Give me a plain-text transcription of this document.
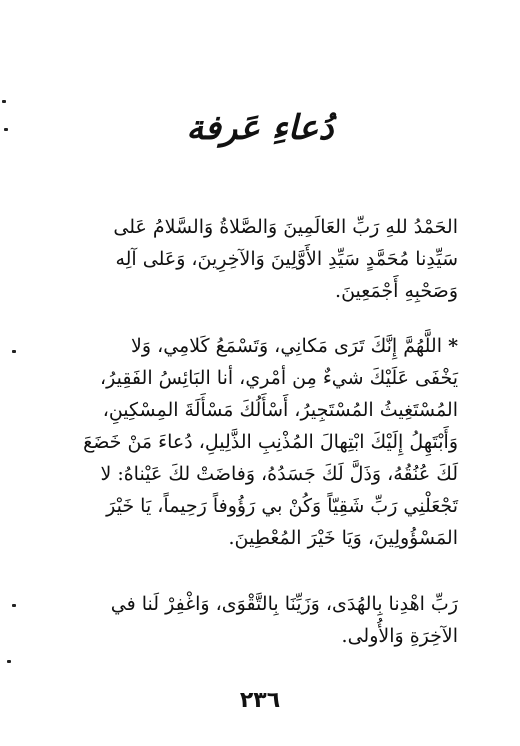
دُعاءِ عَرفة
الحَمْدُ للهِ رَبِّ العَالَمِينَ وَالصَّلاةُ وَالسَّلامُ عَلى
سَيِّدِنا مُحَمَّدٍ سَيِّدِ الأَوَّلِينَ وَالآخِرِينَ، وَعَلى آلِه
وَصَحْبِهِ أَجْمَعِينَ.
* اللَّهُمَّ إِنَّكَ تَرَى مَكانِي، وَتَسْمَعُ كَلامِي، وَلا
يَخْفَى عَلَيْكَ شيءٌ مِن أمْري، أنا البَائِسُ الفَقِيرُ،
المُسْتَغِيثُ المُسْتَجِيرُ، أَسْأَلُكَ مَسْأَلَةَ المِسْكِينِ،
وَأَبْتَهِلُ إِلَيْكَ ابْتِهالَ المُذْنِبِ الذَّلِيلِ، دُعاءَ مَنْ خَضَعَ
لَكَ عُنُقُهُ، وَذَلَّ لَكَ جَسَدُهُ، وَفاضَتْ لكَ عَيْناهُ: لا
تَجْعَلْنِي رَبِّ شَقِيّاً وَكُنْ بي رَؤُوفاً رَحِيماً، يَا خَيْرَ
المَسْؤُولِينَ، وَيَا خَيْرَ المُعْطِينَ.
رَبِّ اهْدِنا بِالهُدَى، وَزَيِّنَا بِالتَّقْوَى، وَاغْفِرْ لَنا في
الآخِرَةِ وَالأُولى.
٢٣٦
